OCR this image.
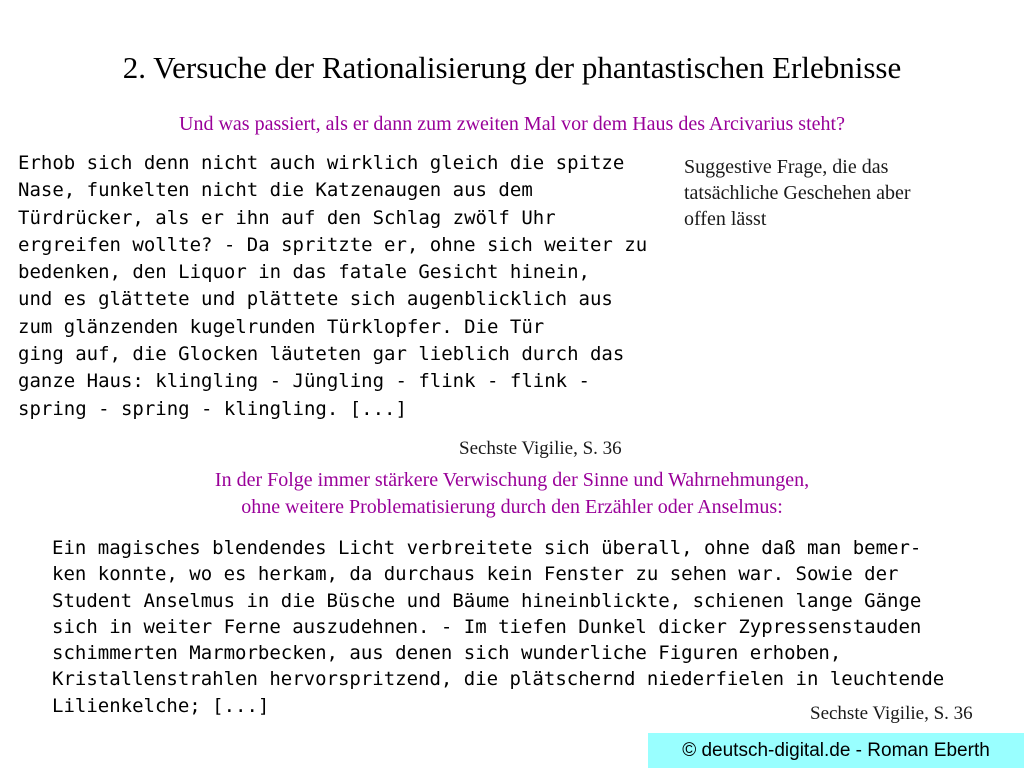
2. Versuche der Rationalisierung der phantastischen Erlebnisse
Und was passiert, als er dann zum zweiten Mal vor dem Haus des Arcivarius steht?
Erhob sich denn nicht auch wirklich gleich die spitze
Nase, funkelten nicht die Katzenaugen aus dem
Türdrücker, als er ihn auf den Schlag zwölf Uhr
ergreifen wollte? - Da spritzte er, ohne sich weiter zu
bedenken, den Liquor in das fatale Gesicht hinein,
und es glättete und plättete sich augenblicklich aus
zum glänzenden kugelrunden Türklopfer. Die Tür
ging auf, die Glocken läuteten gar lieblich durch das
ganze Haus: klingling - Jüngling - flink - flink -
spring - spring - klingling. [...]
Suggestive Frage, die das
tatsächliche Geschehen aber
offen lässt
Sechste Vigilie, S. 36
In der Folge immer stärkere Verwischung der Sinne und Wahrnehmungen,
ohne weitere Problematisierung durch den Erzähler oder Anselmus:
Ein magisches blendendes Licht verbreitete sich überall, ohne daß man bemer-
ken konnte, wo es herkam, da durchaus kein Fenster zu sehen war. Sowie der
Student Anselmus in die Büsche und Bäume hineinblickte, schienen lange Gänge
sich in weiter Ferne auszudehnen. - Im tiefen Dunkel dicker Zypressenstauden
schimmerten Marmorbecken, aus denen sich wunderliche Figuren erhoben,
Kristallenstrahlen hervorspritzend, die plätschernd niederfielen in leuchtende
Lilienkelche; [...]	Sechste Vigilie, S. 36
© deutsch-digital.de - Roman Eberth
